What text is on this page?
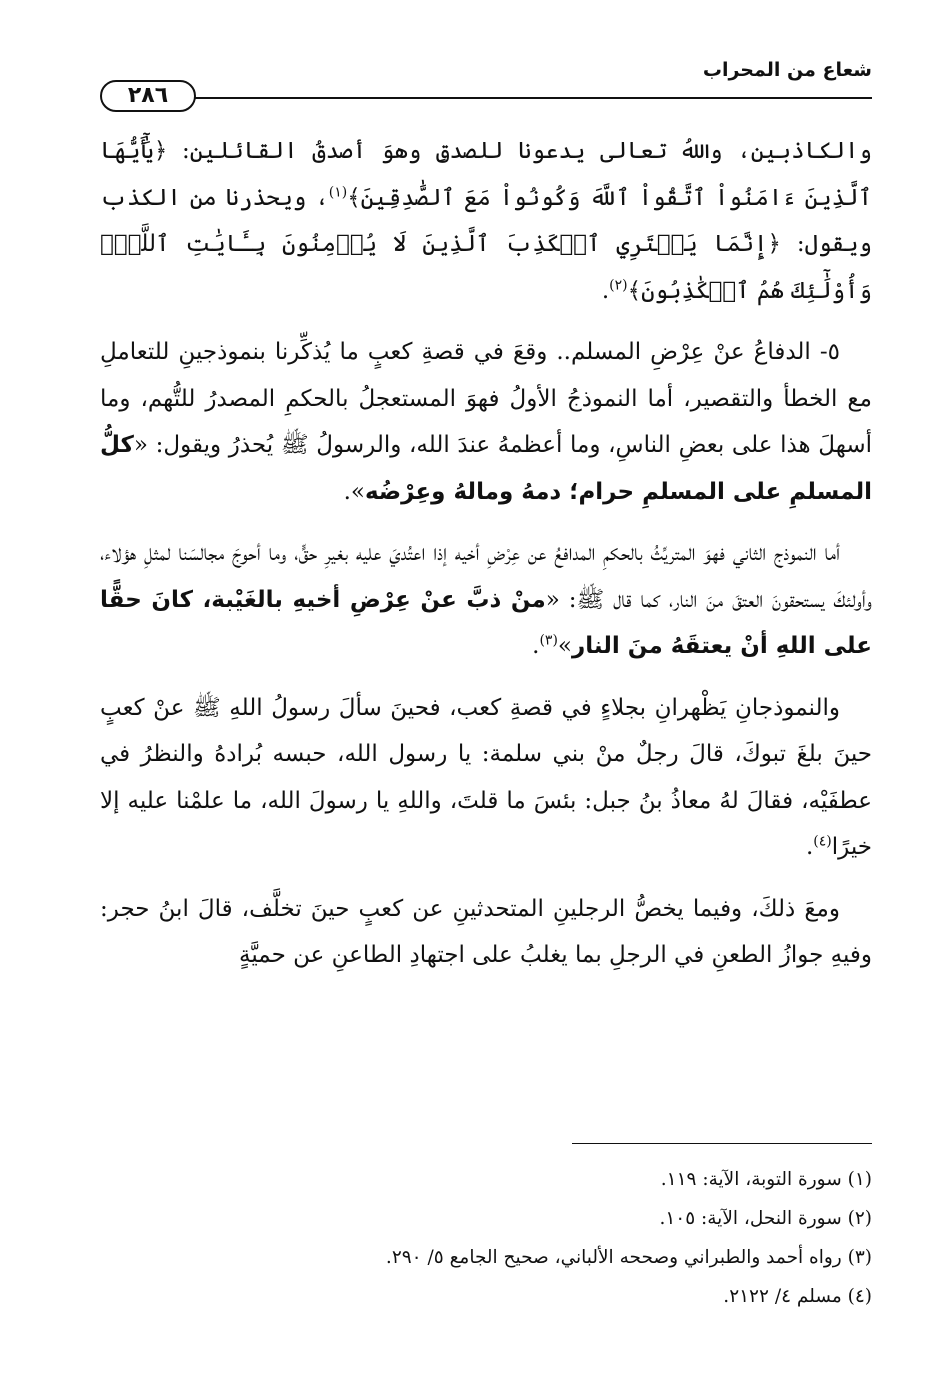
شعاع من المحراب
٢٨٦

والكاذبين، واللهُ تعالى يدعونا للصدقِ وهوَ أصدقُ القائلين: ﴿يَٰٓأَيُّهَا ٱلَّذِينَ ءَامَنُواْ ٱتَّقُواْ ٱللَّهَ وَكُونُواْ مَعَ ٱلصَّٰدِقِينَ﴾$^{(١)}$، ويحذرنا من الكذب ويقول: ﴿إِنَّمَا يَفۡتَرِي ٱلۡكَذِبَ ٱلَّذِينَ لَا يُؤۡمِنُونَ بِـَٔايَٰتِ ٱللَّهِۖ وَأُوْلَٰٓئِكَ هُمُ ٱلۡكَٰذِبُونَ﴾$^{(٢)}$.

٥- الدفاعُ عنْ عِرْضِ المسلم.. وقعَ في قصةِ كعبٍ ما يُذكِّرنا بنموذجينِ للتعاملِ مع الخطأ والتقصير، أما النموذجُ الأولُ فهوَ المستعجلُ بالحكمِ المصدرُ للتُّهم، وما أسهلَ هذا على بعضِ الناسِ، وما أعظمهُ عندَ الله، والرسولُ ﷺ يُحذرُ ويقول: «كلُّ المسلمِ على المسلمِ حرام؛ دمهُ ومالهُ وعِرْضُه».

أما النموذج الثاني فهوَ المتريِّثُ بالحكمِ المدافعُ عن عِرْضِ أخيه إذا اعتُديَ عليه بغيرِ حقٍّ، وما أحوجَ مجالسَنا لمثلِ هؤلاء، وأولئكَ يستحقونَ العتقَ منَ النار، كما قال ﷺ: «منْ ذبَّ عنْ عِرْضِ أخيهِ بالغَيْبة، كانَ حقًّا على اللهِ أنْ يعتقَهُ منَ النار»$^{(٣)}$.

والنموذجانِ يَظْهرانِ بجلاءٍ في قصةِ كعب، فحينَ سألَ رسولُ اللهِ ﷺ عنْ كعبٍ حينَ بلغَ تبوكَ، قالَ رجلٌ منْ بني سلمة: يا رسول الله، حبسه بُرادهُ والنظرُ في عطفَيْه، فقالَ لهُ معاذُ بنُ جبل: بئسَ ما قلتَ، واللهِ يا رسولَ الله، ما علمْنا عليه إلا خيرًا$^{(٤)}$.

ومعَ ذلكَ، وفيما يخصُّ الرجلينِ المتحدثينِ عن كعبٍ حينَ تخلَّف، قالَ ابنُ حجر: وفيهِ جوازُ الطعنِ في الرجلِ بما يغلبُ على اجتهادِ الطاعنِ عن حميَّةٍ

(١) سورة التوبة، الآية: ١١٩.

(٢) سورة النحل، الآية: ١٠٥.

(٣) رواه أحمد والطبراني وصححه الألباني، صحيح الجامع ٥/ ٢٩٠.

(٤) مسلم ٤/ ٢١٢٢.
